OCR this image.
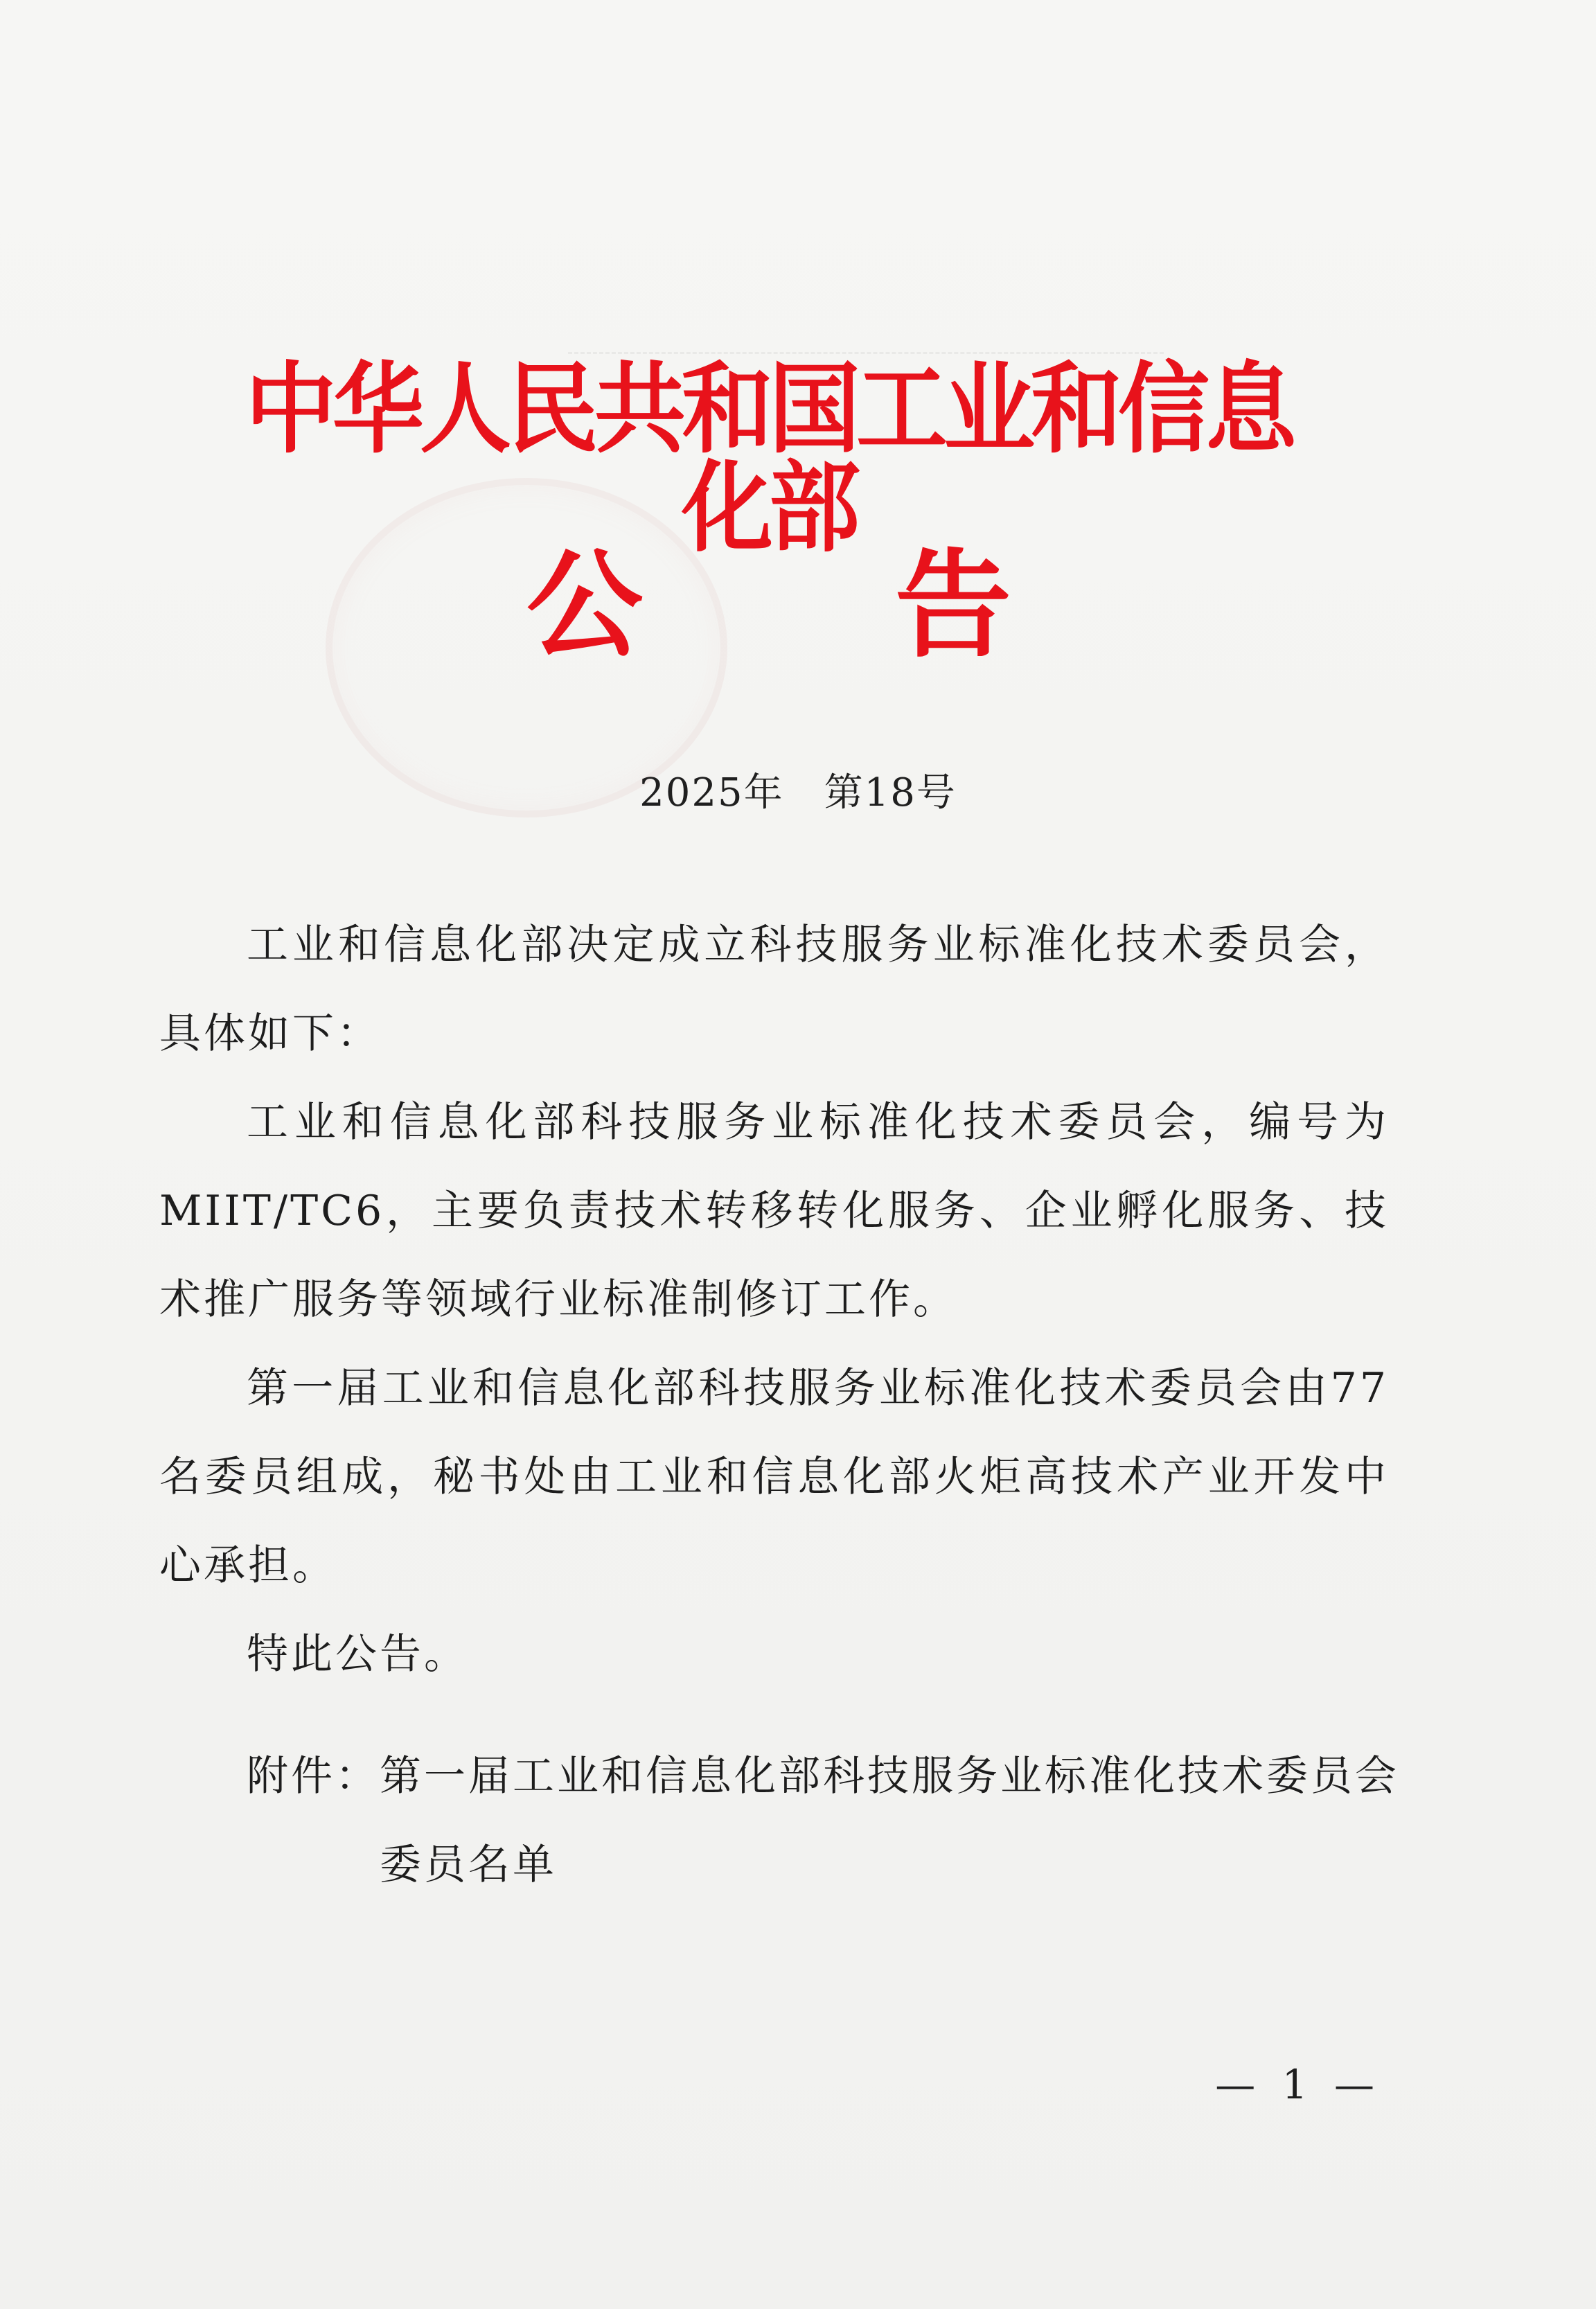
中华人民共和国工业和信息化部
公 告
2025年　第18号

工业和信息化部决定成立科技服务业标准化技术委员会，具体如下：

工业和信息化部科技服务业标准化技术委员会，编号为MIIT/TC6，主要负责技术转移转化服务、企业孵化服务、技术推广服务等领域行业标准制修订工作。

第一届工业和信息化部科技服务业标准化技术委员会由77名委员组成，秘书处由工业和信息化部火炬高技术产业开发中心承担。

特此公告。

附件： 第一届工业和信息化部科技服务业标准化技术委员会委员名单
— 1 —
